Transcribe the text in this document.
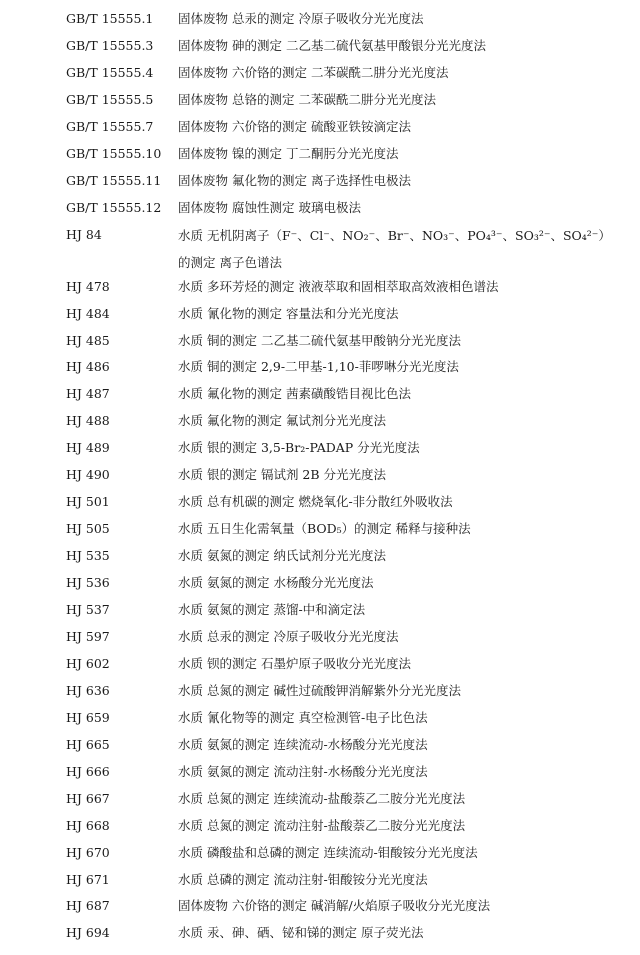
GB/T 15555.1 固体废物 总汞的测定 冷原子吸收分光光度法
GB/T 15555.3 固体废物 砷的测定 二乙基二硫代氨基甲酸银分光光度法
GB/T 15555.4 固体废物 六价铬的测定 二苯碳酰二肼分光光度法
GB/T 15555.5 固体废物 总铬的测定 二苯碳酰二肼分光光度法
GB/T 15555.7 固体废物 六价铬的测定 硫酸亚铁铵滴定法
GB/T 15555.10 固体废物 镍的测定 丁二酮肟分光光度法
GB/T 15555.11 固体废物 氟化物的测定 离子选择性电极法
GB/T 15555.12 固体废物 腐蚀性测定 玻璃电极法
HJ 84	水质 无机阴离子（F⁻、Cl⁻、NO₂⁻、Br⁻、NO₃⁻、PO₄³⁻、SO₃²⁻、SO₄²⁻）的测定 离子色谱法
HJ 478	水质 多环芳烃的测定 液液萃取和固相萃取高效液相色谱法
HJ 484	水质 氰化物的测定 容量法和分光光度法
HJ 485	水质 铜的测定 二乙基二硫代氨基甲酸钠分光光度法
HJ 486	水质 铜的测定 2,9-二甲基-1,10-菲啰啉分光光度法
HJ 487	水质 氟化物的测定 茜素磺酸锆目视比色法
HJ 488	水质 氟化物的测定 氟试剂分光光度法
HJ 489	水质 银的测定 3,5-Br₂-PADAP 分光光度法
HJ 490	水质 银的测定 镉试剂 2B 分光光度法
HJ 501	水质 总有机碳的测定 燃烧氧化-非分散红外吸收法
HJ 505	水质 五日生化需氧量（BOD₅）的测定 稀释与接种法
HJ 535	水质 氨氮的测定 纳氏试剂分光光度法
HJ 536	水质 氨氮的测定 水杨酸分光光度法
HJ 537	水质 氨氮的测定 蒸馏-中和滴定法
HJ 597	水质 总汞的测定 冷原子吸收分光光度法
HJ 602	水质 钡的测定 石墨炉原子吸收分光光度法
HJ 636	水质 总氮的测定 碱性过硫酸钾消解紫外分光光度法
HJ 659	水质 氰化物等的测定 真空检测管-电子比色法
HJ 665	水质 氨氮的测定 连续流动-水杨酸分光光度法
HJ 666	水质 氨氮的测定 流动注射-水杨酸分光光度法
HJ 667	水质 总氮的测定 连续流动-盐酸萘乙二胺分光光度法
HJ 668	水质 总氮的测定 流动注射-盐酸萘乙二胺分光光度法
HJ 670	水质 磷酸盐和总磷的测定 连续流动-钼酸铵分光光度法
HJ 671	水质 总磷的测定 流动注射-钼酸铵分光光度法
HJ 687	固体废物 六价铬的测定 碱消解/火焰原子吸收分光光度法
HJ 694	水质 汞、砷、硒、铋和锑的测定 原子荧光法
